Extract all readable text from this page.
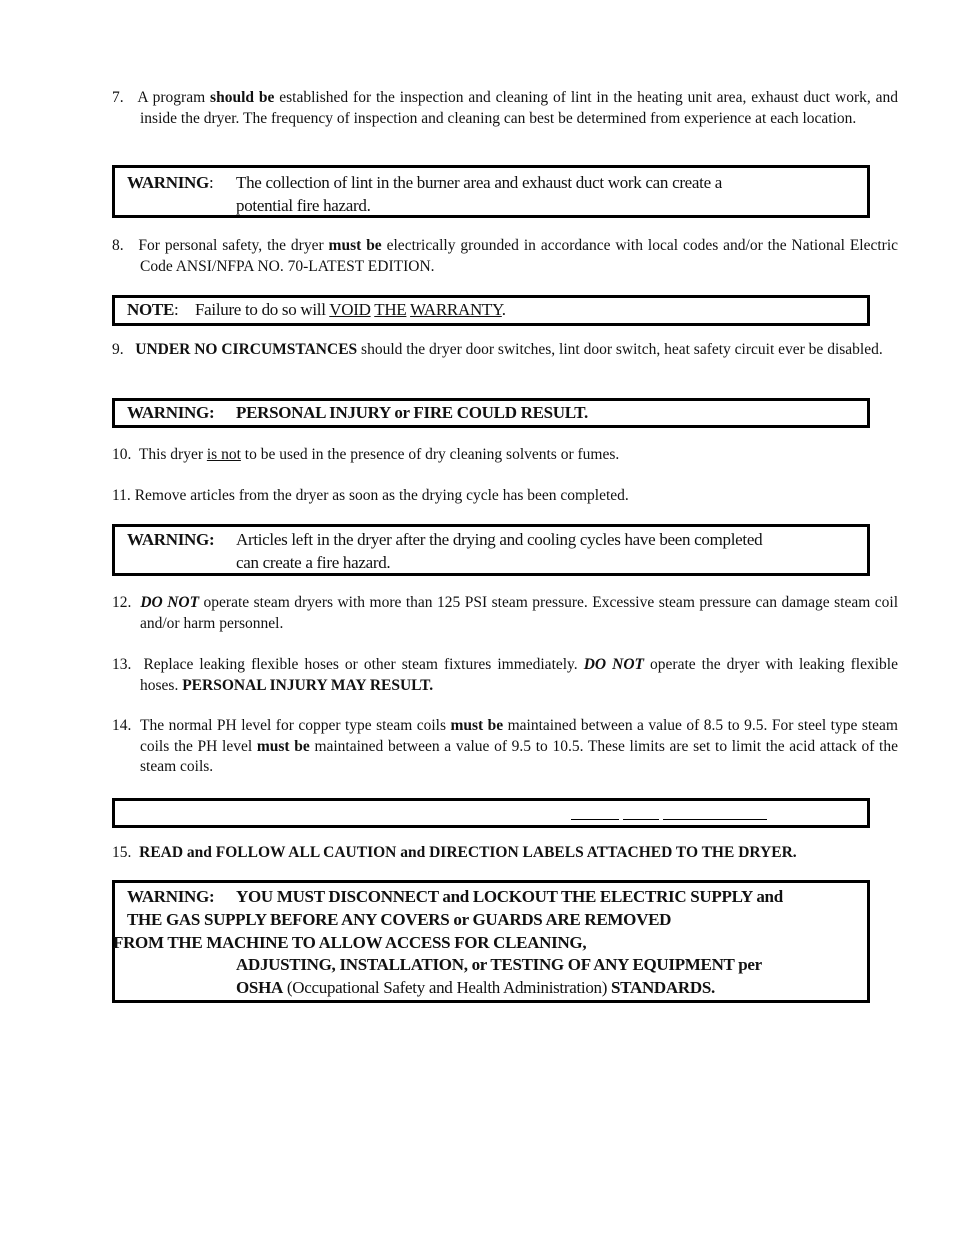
7. A program should be established for the inspection and cleaning of lint in the heating unit area, exhaust duct work, and inside the dryer. The frequency of inspection and cleaning can best be determined from experience at each location.
WARNING: The collection of lint in the burner area and exhaust duct work can create a
potential fire hazard.
8. For personal safety, the dryer must be electrically grounded in accordance with local codes and/or the National Electric Code ANSI/NFPA NO. 70-LATEST EDITION.
NOTE: Failure to do so will VOID THE WARRANTY.
9. UNDER NO CIRCUMSTANCES should the dryer door switches, lint door switch, heat safety circuit ever be disabled.
WARNING: PERSONAL INJURY or FIRE COULD RESULT.
10. This dryer is not to be used in the presence of dry cleaning solvents or fumes.
11. Remove articles from the dryer as soon as the drying cycle has been completed.
WARNING: Articles left in the dryer after the drying and cooling cycles have been completed
can create a fire hazard.
12. DO NOT operate steam dryers with more than 125 PSI steam pressure. Excessive steam pressure can damage steam coil and/or harm personnel.
13. Replace leaking flexible hoses or other steam fixtures immediately. DO NOT operate the dryer with leaking flexible hoses. PERSONAL INJURY MAY RESULT.
14. The normal PH level for copper type steam coils must be maintained between a value of 8.5 to 9.5. For steel type steam coils the PH level must be maintained between a value of 9.5 to 10.5. These limits are set to limit the acid attack of the steam coils.
15. READ and FOLLOW ALL CAUTION and DIRECTION LABELS ATTACHED TO THE DRYER.
WARNING: YOU MUST DISCONNECT and LOCKOUT THE ELECTRIC SUPPLY and
THE GAS SUPPLY BEFORE ANY COVERS or GUARDS ARE REMOVED
FROM THE MACHINE TO ALLOW ACCESS FOR CLEANING,
ADJUSTING, INSTALLATION, or TESTING OF ANY EQUIPMENT per
OSHA (Occupational Safety and Health Administration) STANDARDS.
